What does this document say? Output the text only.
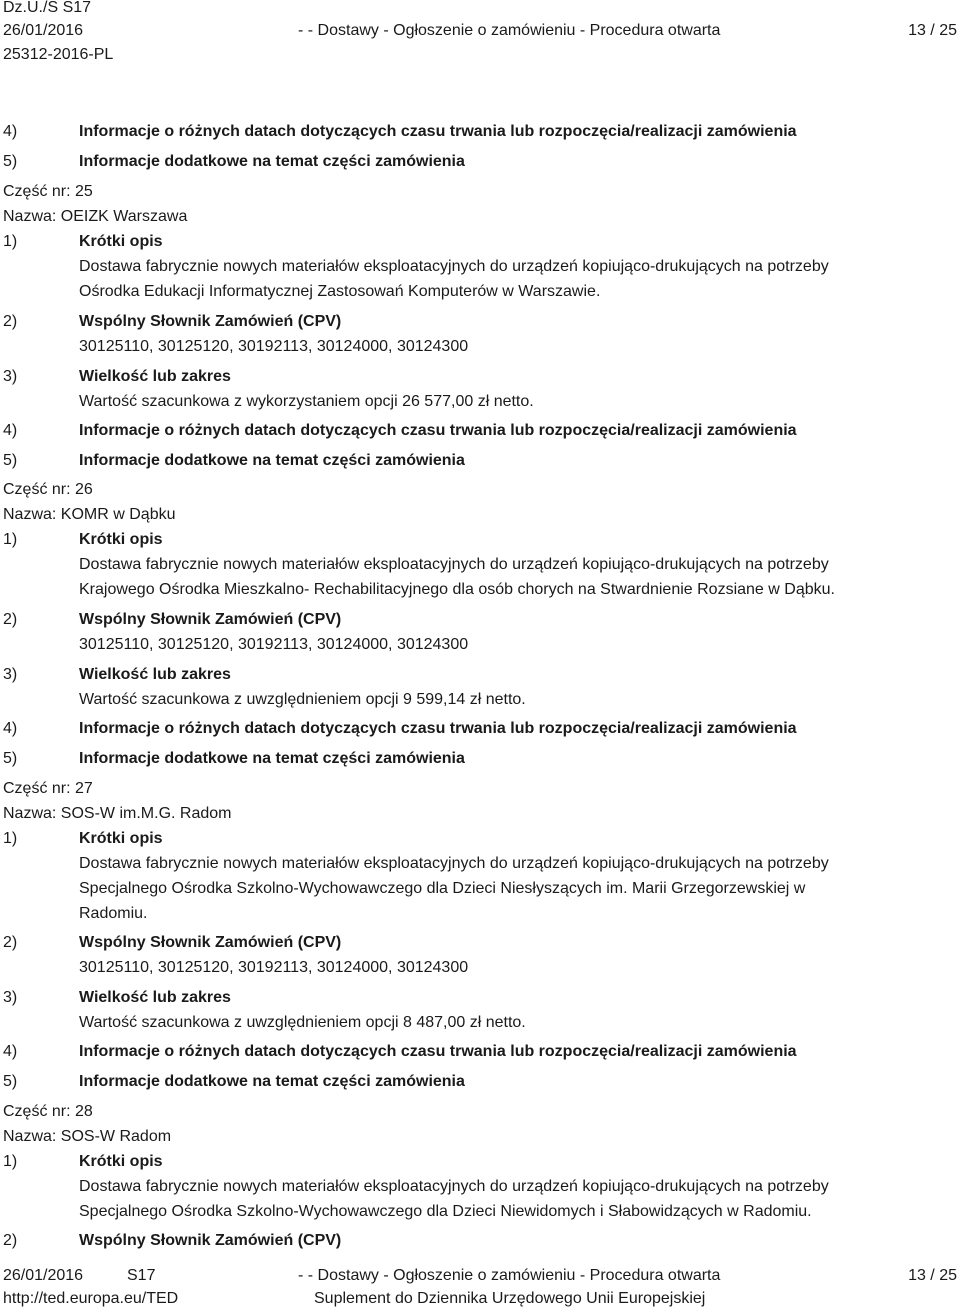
Dz.U./S S17
26/01/2016
25312-2016-PL
- - Dostawy - Ogłoszenie o zamówieniu - Procedura otwarta	13 / 25
4)	Informacje o różnych datach dotyczących czasu trwania lub rozpoczęcia/realizacji zamówienia
5)	Informacje dodatkowe na temat części zamówienia
Część nr: 25
Nazwa: OEIZK Warszawa
1)	Krótki opis
Dostawa fabrycznie nowych materiałów eksploatacyjnych do urządzeń kopiująco-drukujących na potrzeby
Ośrodka Edukacji Informatycznej Zastosowań Komputerów w Warszawie.
2)	Wspólny Słownik Zamówień (CPV)
30125110, 30125120, 30192113, 30124000, 30124300
3)	Wielkość lub zakres
Wartość szacunkowa z wykorzystaniem opcji 26 577,00 zł netto.
4)	Informacje o różnych datach dotyczących czasu trwania lub rozpoczęcia/realizacji zamówienia
5)	Informacje dodatkowe na temat części zamówienia
Część nr: 26
Nazwa: KOMR w Dąbku
1)	Krótki opis
Dostawa fabrycznie nowych materiałów eksploatacyjnych do urządzeń kopiująco-drukujących na potrzeby
Krajowego Ośrodka Mieszkalno- Rechabilitacyjnego dla osób chorych na Stwardnienie Rozsiane w Dąbku.
2)	Wspólny Słownik Zamówień (CPV)
30125110, 30125120, 30192113, 30124000, 30124300
3)	Wielkość lub zakres
Wartość szacunkowa z uwzględnieniem opcji 9 599,14 zł netto.
4)	Informacje o różnych datach dotyczących czasu trwania lub rozpoczęcia/realizacji zamówienia
5)	Informacje dodatkowe na temat części zamówienia
Część nr: 27
Nazwa: SOS-W im.M.G. Radom
1)	Krótki opis
Dostawa fabrycznie nowych materiałów eksploatacyjnych do urządzeń kopiująco-drukujących na potrzeby
Specjalnego Ośrodka Szkolno-Wychowawczego dla Dzieci Niesłyszących im. Marii Grzegorzewskiej w
Radomiu.
2)	Wspólny Słownik Zamówień (CPV)
30125110, 30125120, 30192113, 30124000, 30124300
3)	Wielkość lub zakres
Wartość szacunkowa z uwzględnieniem opcji 8 487,00 zł netto.
4)	Informacje o różnych datach dotyczących czasu trwania lub rozpoczęcia/realizacji zamówienia
5)	Informacje dodatkowe na temat części zamówienia
Część nr: 28
Nazwa: SOS-W Radom
1)	Krótki opis
Dostawa fabrycznie nowych materiałów eksploatacyjnych do urządzeń kopiująco-drukujących na potrzeby
Specjalnego Ośrodka Szkolno-Wychowawczego dla Dzieci Niewidomych i Słabowidzących w Radomiu.
2)	Wspólny Słownik Zamówień (CPV)
26/01/2016	S17
http://ted.europa.eu/TED
- - Dostawy - Ogłoszenie o zamówieniu - Procedura otwarta
Suplement do Dziennika Urzędowego Unii Europejskiej
13 / 25
